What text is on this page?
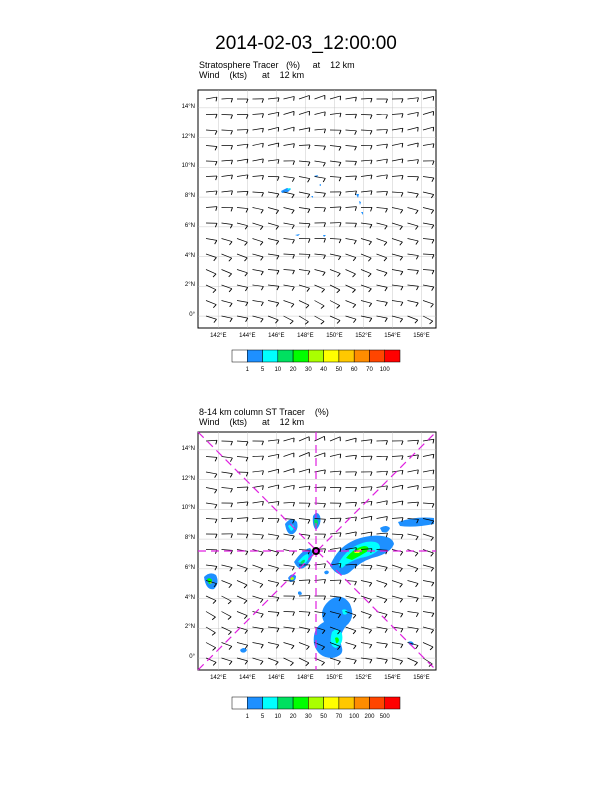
2014-02-03_12:00:00
Stratosphere Tracer (%) at 12 km
Wind (kts) at 12 km
8-14 km column ST Tracer (%)
Wind (kts) at 12 km
14°N
12°N
10°N
8°N
6°N
4°N
2°N
0°
14°N
12°N
10°N
8°N
6°N
4°N
2°N
0°
142°E	144°E	146°E	148°E	150°E	152°E	154°E	156°E
142°E	144°E	146°E	148°E	150°E	152°E	154°E	156°E
1	5	10	20	30	40	50	60	70	100
1	5	10	20	30	50	70	100 200 500
